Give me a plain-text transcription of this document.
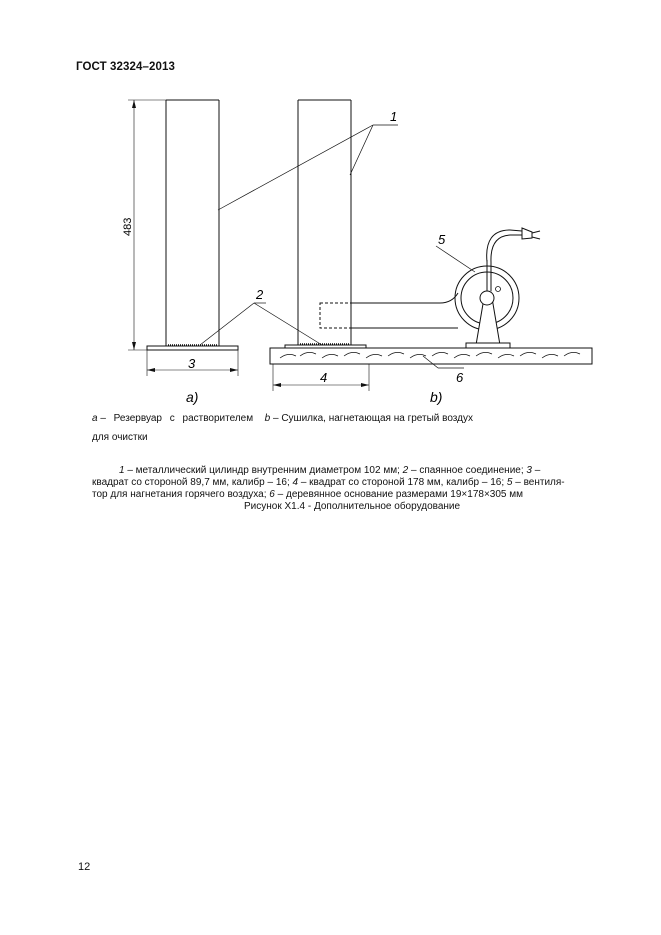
ГОСТ 32324–2013
1
2
3
4
5
6
483
a)	b)
a – Резервуар с растворителем b – Сушилка, нагнетающая на гретый воздух
для очистки
1 – металлический цилиндр внутренним диаметром 102 мм; 2 – спаянное соединение; 3 –
квадрат со стороной 89,7 мм, калибр – 16; 4 – квадрат со стороной 178 мм, калибр – 16; 5 – вентиля-
тор для нагнетания горячего воздуха; 6 – деревянное основание размерами 19×178×305 мм
Рисунок Х1.4 - Дополнительное оборудование
12
